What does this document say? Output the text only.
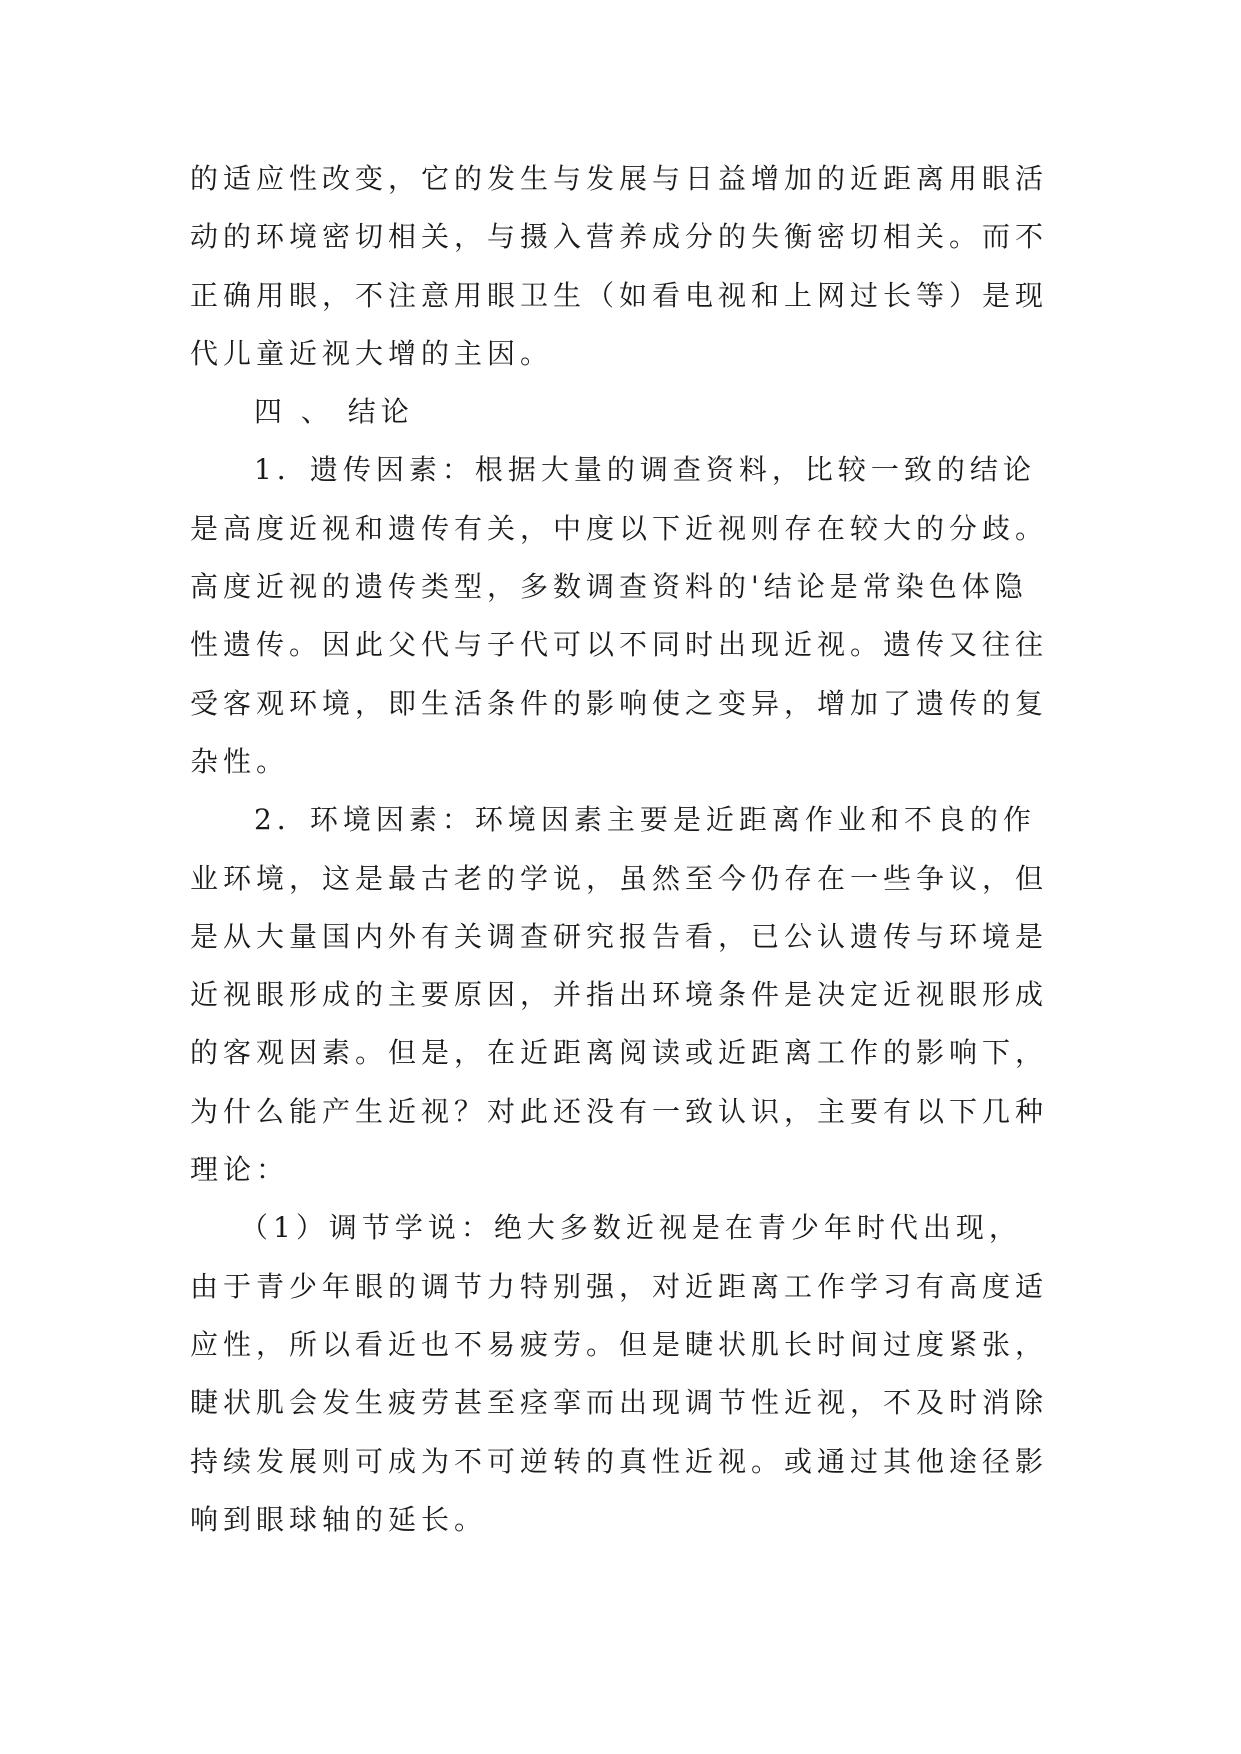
的适应性改变，它的发生与发展与日益增加的近距离用眼活
动的环境密切相关，与摄入营养成分的失衡密切相关。而不
正确用眼，不注意用眼卫生（如看电视和上网过长等）是现
代儿童近视大增的主因。
四 、 结论
1．遗传因素：根据大量的调查资料，比较一致的结论
是高度近视和遗传有关，中度以下近视则存在较大的分歧。
高度近视的遗传类型，多数调查资料的'结论是常染色体隐
性遗传。因此父代与子代可以不同时出现近视。遗传又往往
受客观环境，即生活条件的影响使之变异，增加了遗传的复
杂性。
2．环境因素：环境因素主要是近距离作业和不良的作
业环境，这是最古老的学说，虽然至今仍存在一些争议，但
是从大量国内外有关调查研究报告看，已公认遗传与环境是
近视眼形成的主要原因，并指出环境条件是决定近视眼形成
的客观因素。但是，在近距离阅读或近距离工作的影响下，
为什么能产生近视？对此还没有一致认识，主要有以下几种
理论：
（1）调节学说：绝大多数近视是在青少年时代出现，
由于青少年眼的调节力特别强，对近距离工作学习有高度适
应性，所以看近也不易疲劳。但是睫状肌长时间过度紧张，
睫状肌会发生疲劳甚至痉挛而出现调节性近视，不及时消除
持续发展则可成为不可逆转的真性近视。或通过其他途径影
响到眼球轴的延长。
